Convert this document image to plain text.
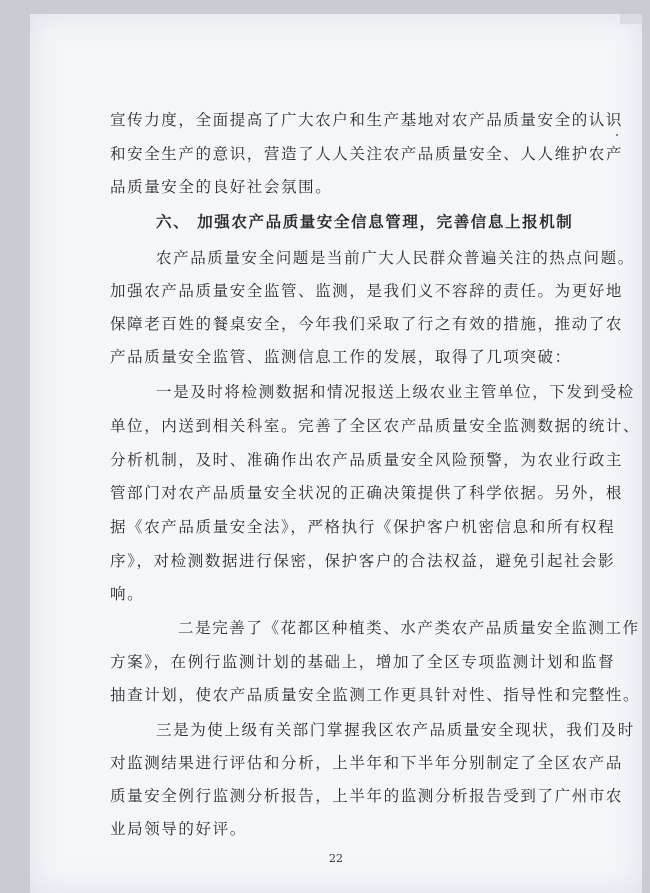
宣传力度，全面提高了广大农户和生产基地对农产品质量安全的认识
和安全生产的意识，营造了人人关注农产品质量安全、人人维护农产
品质量安全的良好社会氛围。
六、 加强农产品质量安全信息管理，完善信息上报机制
农产品质量安全问题是当前广大人民群众普遍关注的热点问题。
加强农产品质量安全监管、监测，是我们义不容辞的责任。为更好地
保障老百姓的餐桌安全，今年我们采取了行之有效的措施，推动了农
产品质量安全监管、监测信息工作的发展，取得了几项突破：
一是及时将检测数据和情况报送上级农业主管单位，下发到受检
单位，内送到相关科室。完善了全区农产品质量安全监测数据的统计、
分析机制，及时、准确作出农产品质量安全风险预警，为农业行政主
管部门对农产品质量安全状况的正确决策提供了科学依据。另外，根
据《农产品质量安全法》，严格执行《保护客户机密信息和所有权程
序》，对检测数据进行保密，保护客户的合法权益，避免引起社会影
响。
二是完善了《花都区种植类、水产类农产品质量安全监测工作
方案》，在例行监测计划的基础上，增加了全区专项监测计划和监督
抽查计划，使农产品质量安全监测工作更具针对性、指导性和完整性。
三是为使上级有关部门掌握我区农产品质量安全现状，我们及时
对监测结果进行评估和分析，上半年和下半年分别制定了全区农产品
质量安全例行监测分析报告，上半年的监测分析报告受到了广州市农
业局领导的好评。
22
